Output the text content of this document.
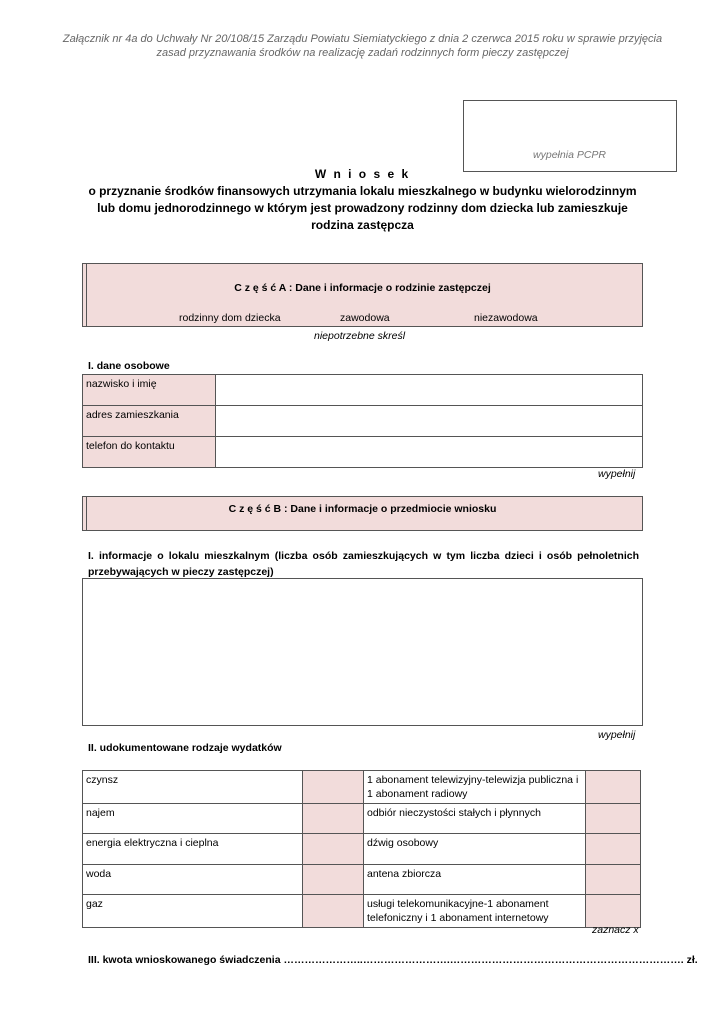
Załącznik nr 4a do Uchwały Nr 20/108/15 Zarządu Powiatu Siemiatyckiego z dnia 2 czerwca 2015 roku w sprawie przyjęcia zasad przyznawania środków na realizację zadań rodzinnych form pieczy zastępczej
wypełnia PCPR
W n i o s e k
o przyznanie środków finansowych utrzymania lokalu mieszkalnego w budynku wielorodzinnym
lub domu jednorodzinnego w którym jest prowadzony rodzinny dom dziecka lub zamieszkuje
rodzina zastępcza
C z ę ś ć A : Dane i informacje o rodzinie zastępczej
rodzinny dom dziecka	zawodowa	niezawodowa
niepotrzebne skreśl
I. dane osobowe
nazwisko i imię	
adres zamieszkania	
telefon do kontaktu	
wypełnij
C z ę ś ć B : Dane i informacje o przedmiocie wniosku
I. informacje o lokalu mieszkalnym (liczba osób zamieszkujących w tym liczba dzieci i osób pełnoletnich przebywających w pieczy zastępczej)
wypełnij
II. udokumentowane rodzaje wydatków
czynsz		1 abonament telewizyjny-telewizja publiczna i 1 abonament radiowy	
najem		odbiór nieczystości stałych i płynnych	
energia elektryczna i cieplna		dźwig osobowy	
woda		antena zbiorcza	
gaz		usługi telekomunikacyjne-1 abonament telefoniczny i 1 abonament internetowy	
zaznacz x
III. kwota wnioskowanego świadczenia …………………..…………………….…………………………………………………………. zł.
